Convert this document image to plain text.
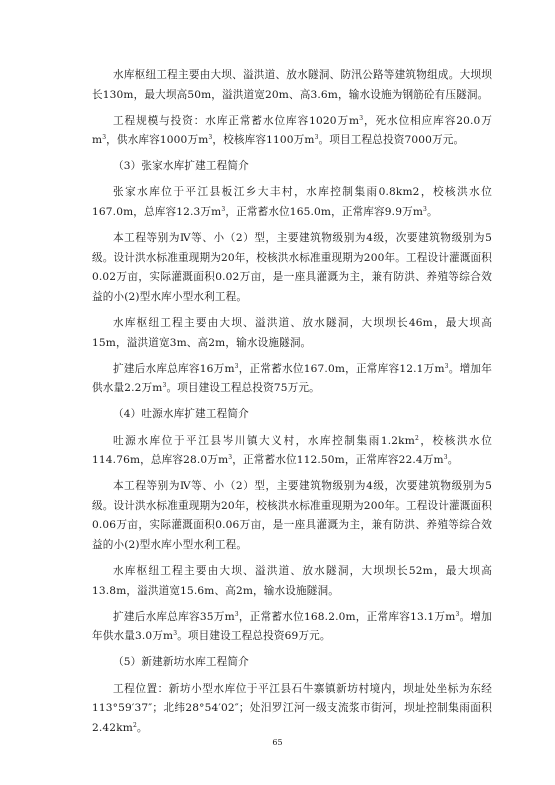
水库枢纽工程主要由大坝、溢洪道、放水隧洞、防汛公路等建筑物组成。大坝坝长130m，最大坝高50m，溢洪道宽20m、高3.6m，输水设施为钢筋砼有压隧洞。

工程规模与投资：水库正常蓄水位库容1020万$m^3$，死水位相应库容20.0万$m^3$，供水库容1000万$m^3$，校核库容1100万$m^3$。项目工程总投资7000万元。

（3）张家水库扩建工程简介

张家水库位于平江县板江乡大丰村，水库控制集雨0.8km2，校核洪水位167.0m，总库容12.3万$m^3$，正常蓄水位165.0m，正常库容9.9万$m^3$。

本工程等别为Ⅳ等、小（2）型，主要建筑物级别为4级，次要建筑物级别为5级。设计洪水标准重现期为20年，校核洪水标准重现期为200年。工程设计灌溉面积0.02万亩，实际灌溉面积0.02万亩，是一座具灌溉为主，兼有防洪、养殖等综合效益的小(2)型水库小型水利工程。

水库枢纽工程主要由大坝、溢洪道、放水隧洞，大坝坝长46m，最大坝高15m，溢洪道宽3m、高2m，输水设施隧洞。

扩建后水库总库容16万$m^3$，正常蓄水位167.0m，正常库容12.1万$m^3$。增加年供水量2.2万$m^3$。项目建设工程总投资75万元。

（4）吐源水库扩建工程简介

吐源水库位于平江县岑川镇大义村，水库控制集雨$1.2km^2$，校核洪水位114.76m，总库容28.0万$m^3$，正常蓄水位112.50m，正常库容22.4万$m^3$。

本工程等别为Ⅳ等、小（2）型，主要建筑物级别为4级，次要建筑物级别为5级。设计洪水标准重现期为20年，校核洪水标准重现期为200年。工程设计灌溉面积0.06万亩，实际灌溉面积0.06万亩，是一座具灌溉为主，兼有防洪、养殖等综合效益的小(2)型水库小型水利工程。

水库枢纽工程主要由大坝、溢洪道、放水隧洞，大坝坝长52m，最大坝高13.8m，溢洪道宽15.6m、高2m，输水设施隧洞。

扩建后水库总库容35万$m^3$，正常蓄水位168.2.0m，正常库容13.1万$m^3$。增加年供水量3.0万$m^3$。项目建设工程总投资69万元。

（5）新建新坊水库工程简介

工程位置：新坊小型水库位于平江县石牛寨镇新坊村境内，坝址处坐标为东经113°59′37″；北纬28°54′02″；处汨罗江河一级支流浆市街河，坝址控制集雨面积$2.42km^2$。

65
